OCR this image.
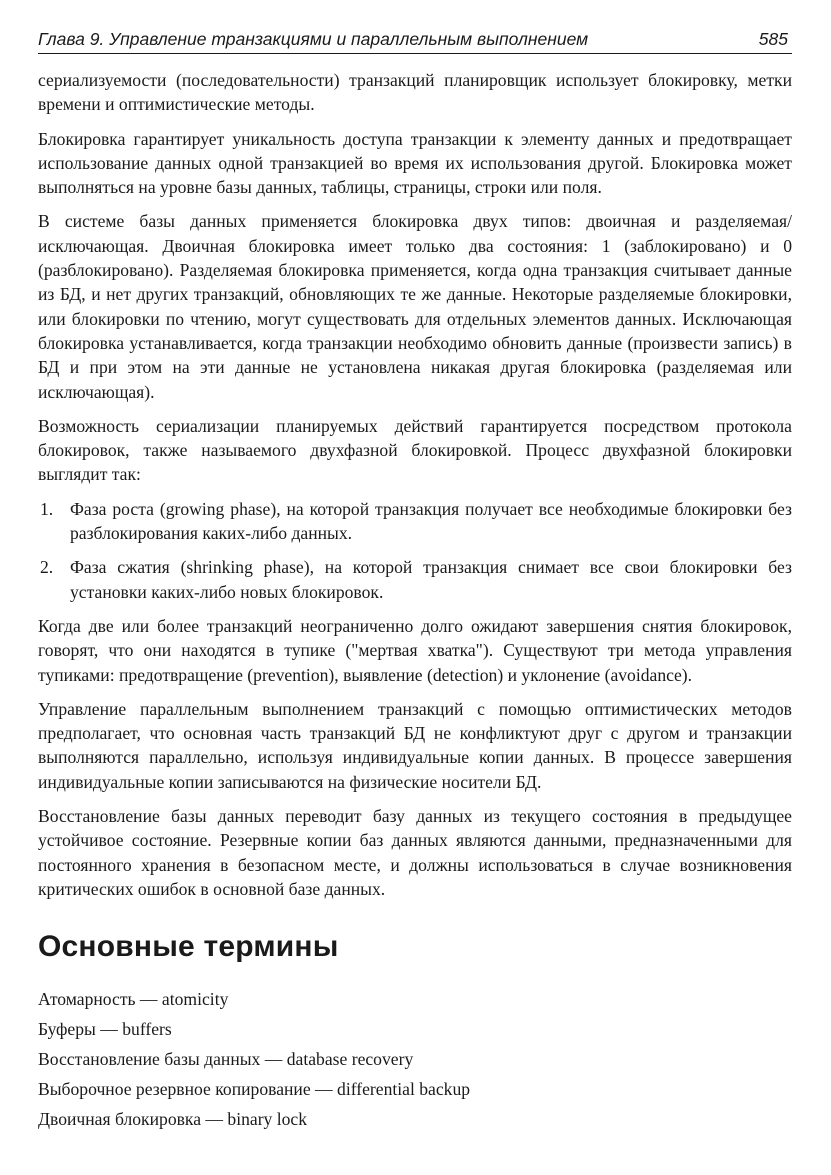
Глава 9. Управление транзакциями и параллельным выполнением	585

сериализуемости (последовательности) транзакций планировщик использует блокировку, метки времени и оптимистические методы.

Блокировка гарантирует уникальность доступа транзакции к элементу данных и предотвращает использование данных одной транзакцией во время их использования другой. Блокировка может выполняться на уровне базы данных, таблицы, страницы, строки или поля.

В системе базы данных применяется блокировка двух типов: двоичная и разделяемая/исключающая. Двоичная блокировка имеет только два состояния: 1 (заблокировано) и 0 (разблокировано). Разделяемая блокировка применяется, когда одна транзакция считывает данные из БД, и нет других транзакций, обновляющих те же данные. Некоторые разделяемые блокировки, или блокировки по чтению, могут существовать для отдельных элементов данных. Исключающая блокировка устанавливается, когда транзакции необходимо обновить данные (произвести запись) в БД и при этом на эти данные не установлена никакая другая блокировка (разделяемая или исключающая).

Возможность сериализации планируемых действий гарантируется посредством протокола блокировок, также называемого двухфазной блокировкой. Процесс двухфазной блокировки выглядит так:

1. Фаза роста (growing phase), на которой транзакция получает все необходимые блокировки без разблокирования каких-либо данных.
2. Фаза сжатия (shrinking phase), на которой транзакция снимает все свои блокировки без установки каких-либо новых блокировок.

Когда две или более транзакций неограниченно долго ожидают завершения снятия блокировок, говорят, что они находятся в тупике ("мертвая хватка"). Существуют три метода управления тупиками: предотвращение (prevention), выявление (detection) и уклонение (avoidance).

Управление параллельным выполнением транзакций с помощью оптимистических методов предполагает, что основная часть транзакций БД не конфликтуют друг с другом и транзакции выполняются параллельно, используя индивидуальные копии данных. В процессе завершения индивидуальные копии записываются на физические носители БД.

Восстановление базы данных переводит базу данных из текущего состояния в предыдущее устойчивое состояние. Резервные копии баз данных являются данными, предназначенными для постоянного хранения в безопасном месте, и должны использоваться в случае возникновения критических ошибок в основной базе данных.

Основные термины
Атомарность — atomicity
Буферы — buffers
Восстановление базы данных — database recovery
Выборочное резервное копирование — differential backup
Двоичная блокировка — binary lock
